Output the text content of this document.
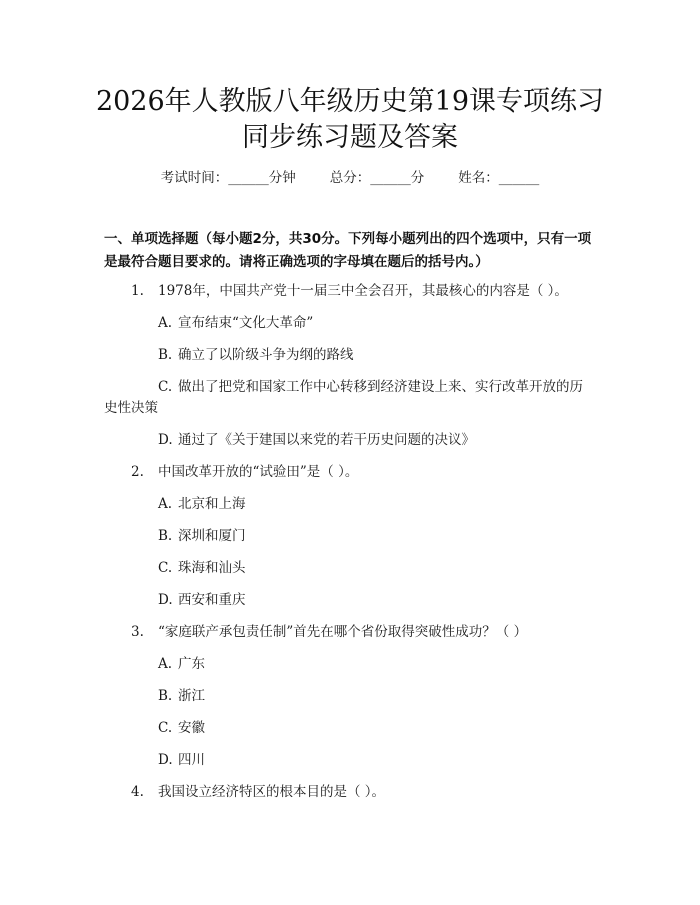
2026年人教版八年级历史第19课专项练习
同步练习题及答案
考试时间：______分钟	总分：______分	姓名：______
一、单项选择题（每小题2分，共30分。下列每小题列出的四个选项中，只有一项是最符合题目要求的。请将正确选项的字母填在题后的括号内。）
1. 1978年，中国共产党十一届三中全会召开，其最核心的内容是（ ）。
A. 宣布结束“文化大革命”
B. 确立了以阶级斗争为纲的路线
C. 做出了把党和国家工作中心转移到经济建设上来、实行改革开放的历
史性决策
D. 通过了《关于建国以来党的若干历史问题的决议》
2. 中国改革开放的“试验田”是（ ）。
A. 北京和上海
B. 深圳和厦门
C. 珠海和汕头
D. 西安和重庆
3. “家庭联产承包责任制”首先在哪个省份取得突破性成功？（ ）
A. 广东
B. 浙江
C. 安徽
D. 四川
4. 我国设立经济特区的根本目的是（ ）。
